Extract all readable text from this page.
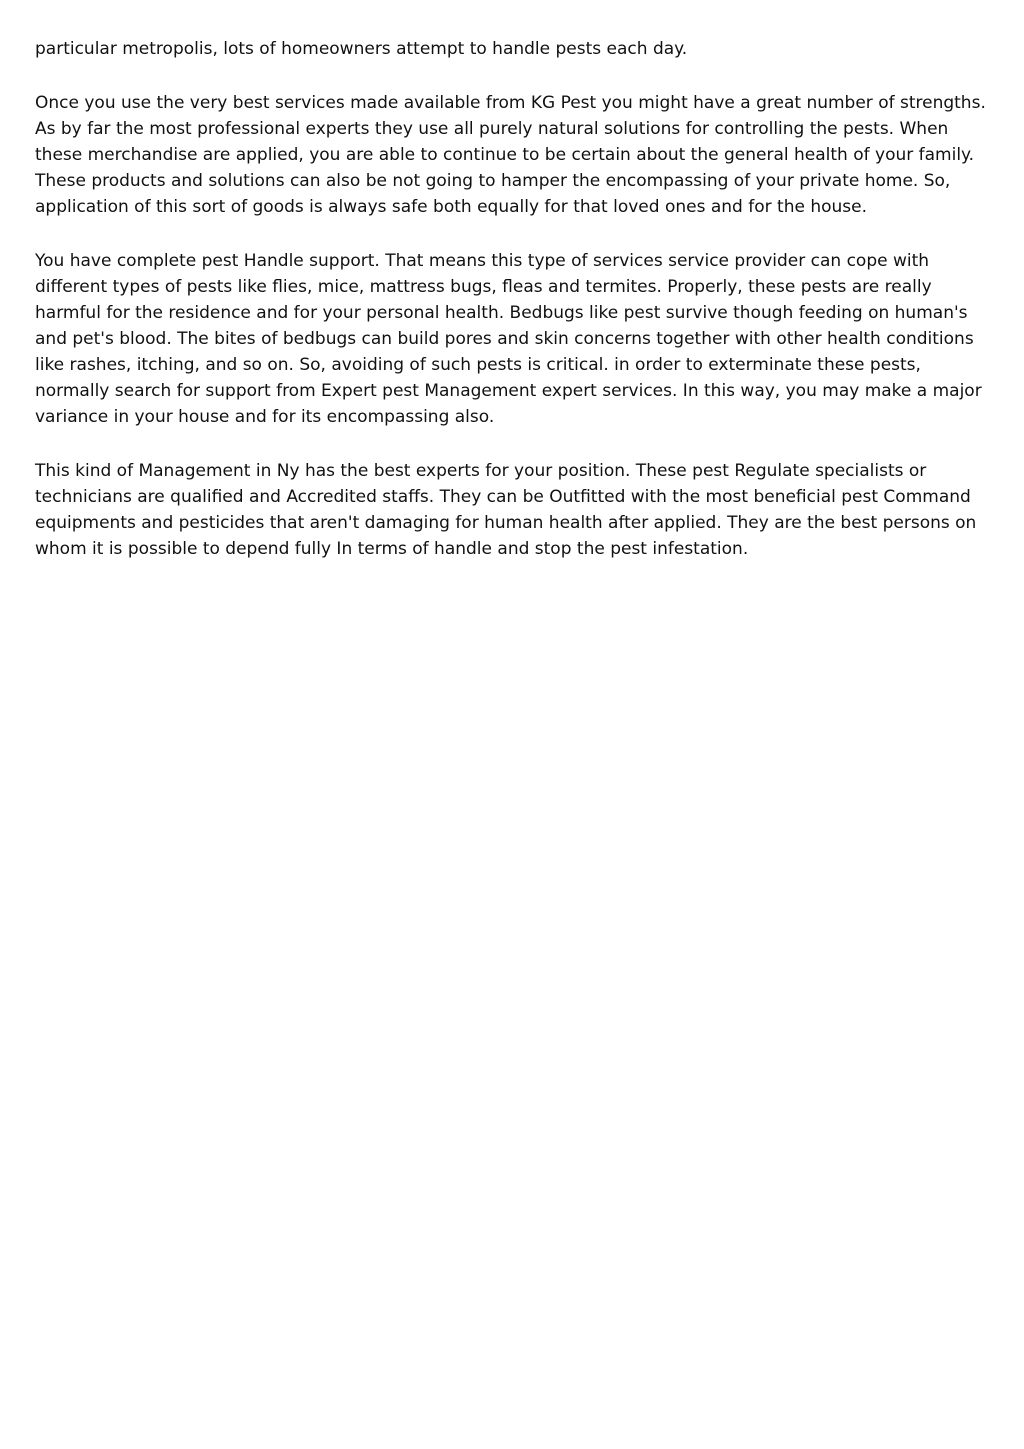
particular metropolis, lots of homeowners attempt to handle pests each day.

Once you use the very best services made available from KG Pest you might have a great number of strengths. As by far the most professional experts they use all purely natural solutions for controlling the pests. When these merchandise are applied, you are able to continue to be certain about the general health of your family. These products and solutions can also be not going to hamper the encompassing of your private home. So, application of this sort of goods is always safe both equally for that loved ones and for the house.

You have complete pest Handle support. That means this type of services service provider can cope with different types of pests like flies, mice, mattress bugs, fleas and termites. Properly, these pests are really harmful for the residence and for your personal health. Bedbugs like pest survive though feeding on human's and pet's blood. The bites of bedbugs can build pores and skin concerns together with other health conditions like rashes, itching, and so on. So, avoiding of such pests is critical. in order to exterminate these pests, normally search for support from Expert pest Management expert services. In this way, you may make a major variance in your house and for its encompassing also.

This kind of Management in Ny has the best experts for your position. These pest Regulate specialists or technicians are qualified and Accredited staffs. They can be Outfitted with the most beneficial pest Command equipments and pesticides that aren't damaging for human health after applied. They are the best persons on whom it is possible to depend fully In terms of handle and stop the pest infestation.
